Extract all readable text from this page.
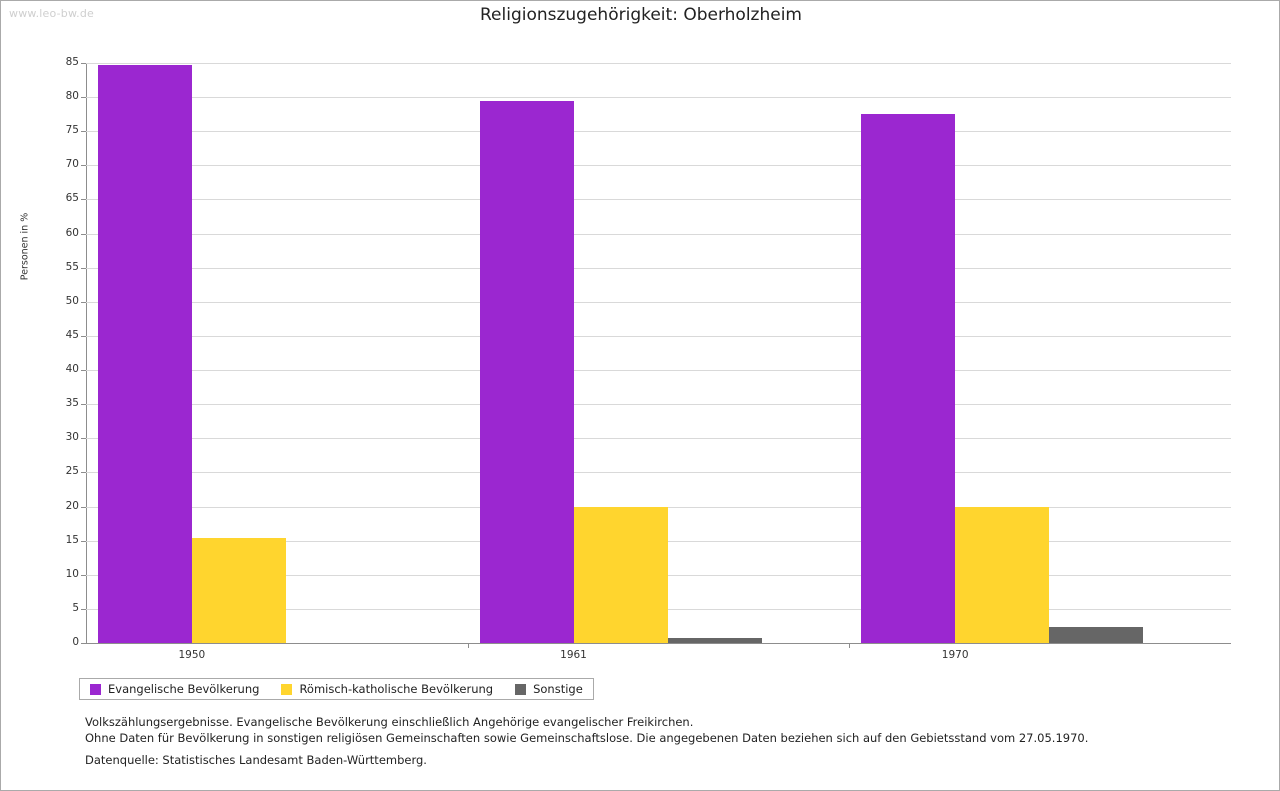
www.leo-bw.de	Religionszugehörigkeit: Oberholzheim
Personen in %
Evangelische Bevölkerung	Römisch-katholische Bevölkerung	Sonstige
Volkszählungsergebnisse. Evangelische Bevölkerung einschließlich Angehörige evangelischer Freikirchen.
Ohne Daten für Bevölkerung in sonstigen religiösen Gemeinschaften sowie Gemeinschaftslose. Die angegebenen Daten beziehen sich auf den Gebietsstand vom 27.05.1970.
Datenquelle: Statistisches Landesamt Baden-Württemberg.
0
5
10
15
20
25
30
35
40
45
50
55
60
65
70
75
80
85
1950	1961	1970
